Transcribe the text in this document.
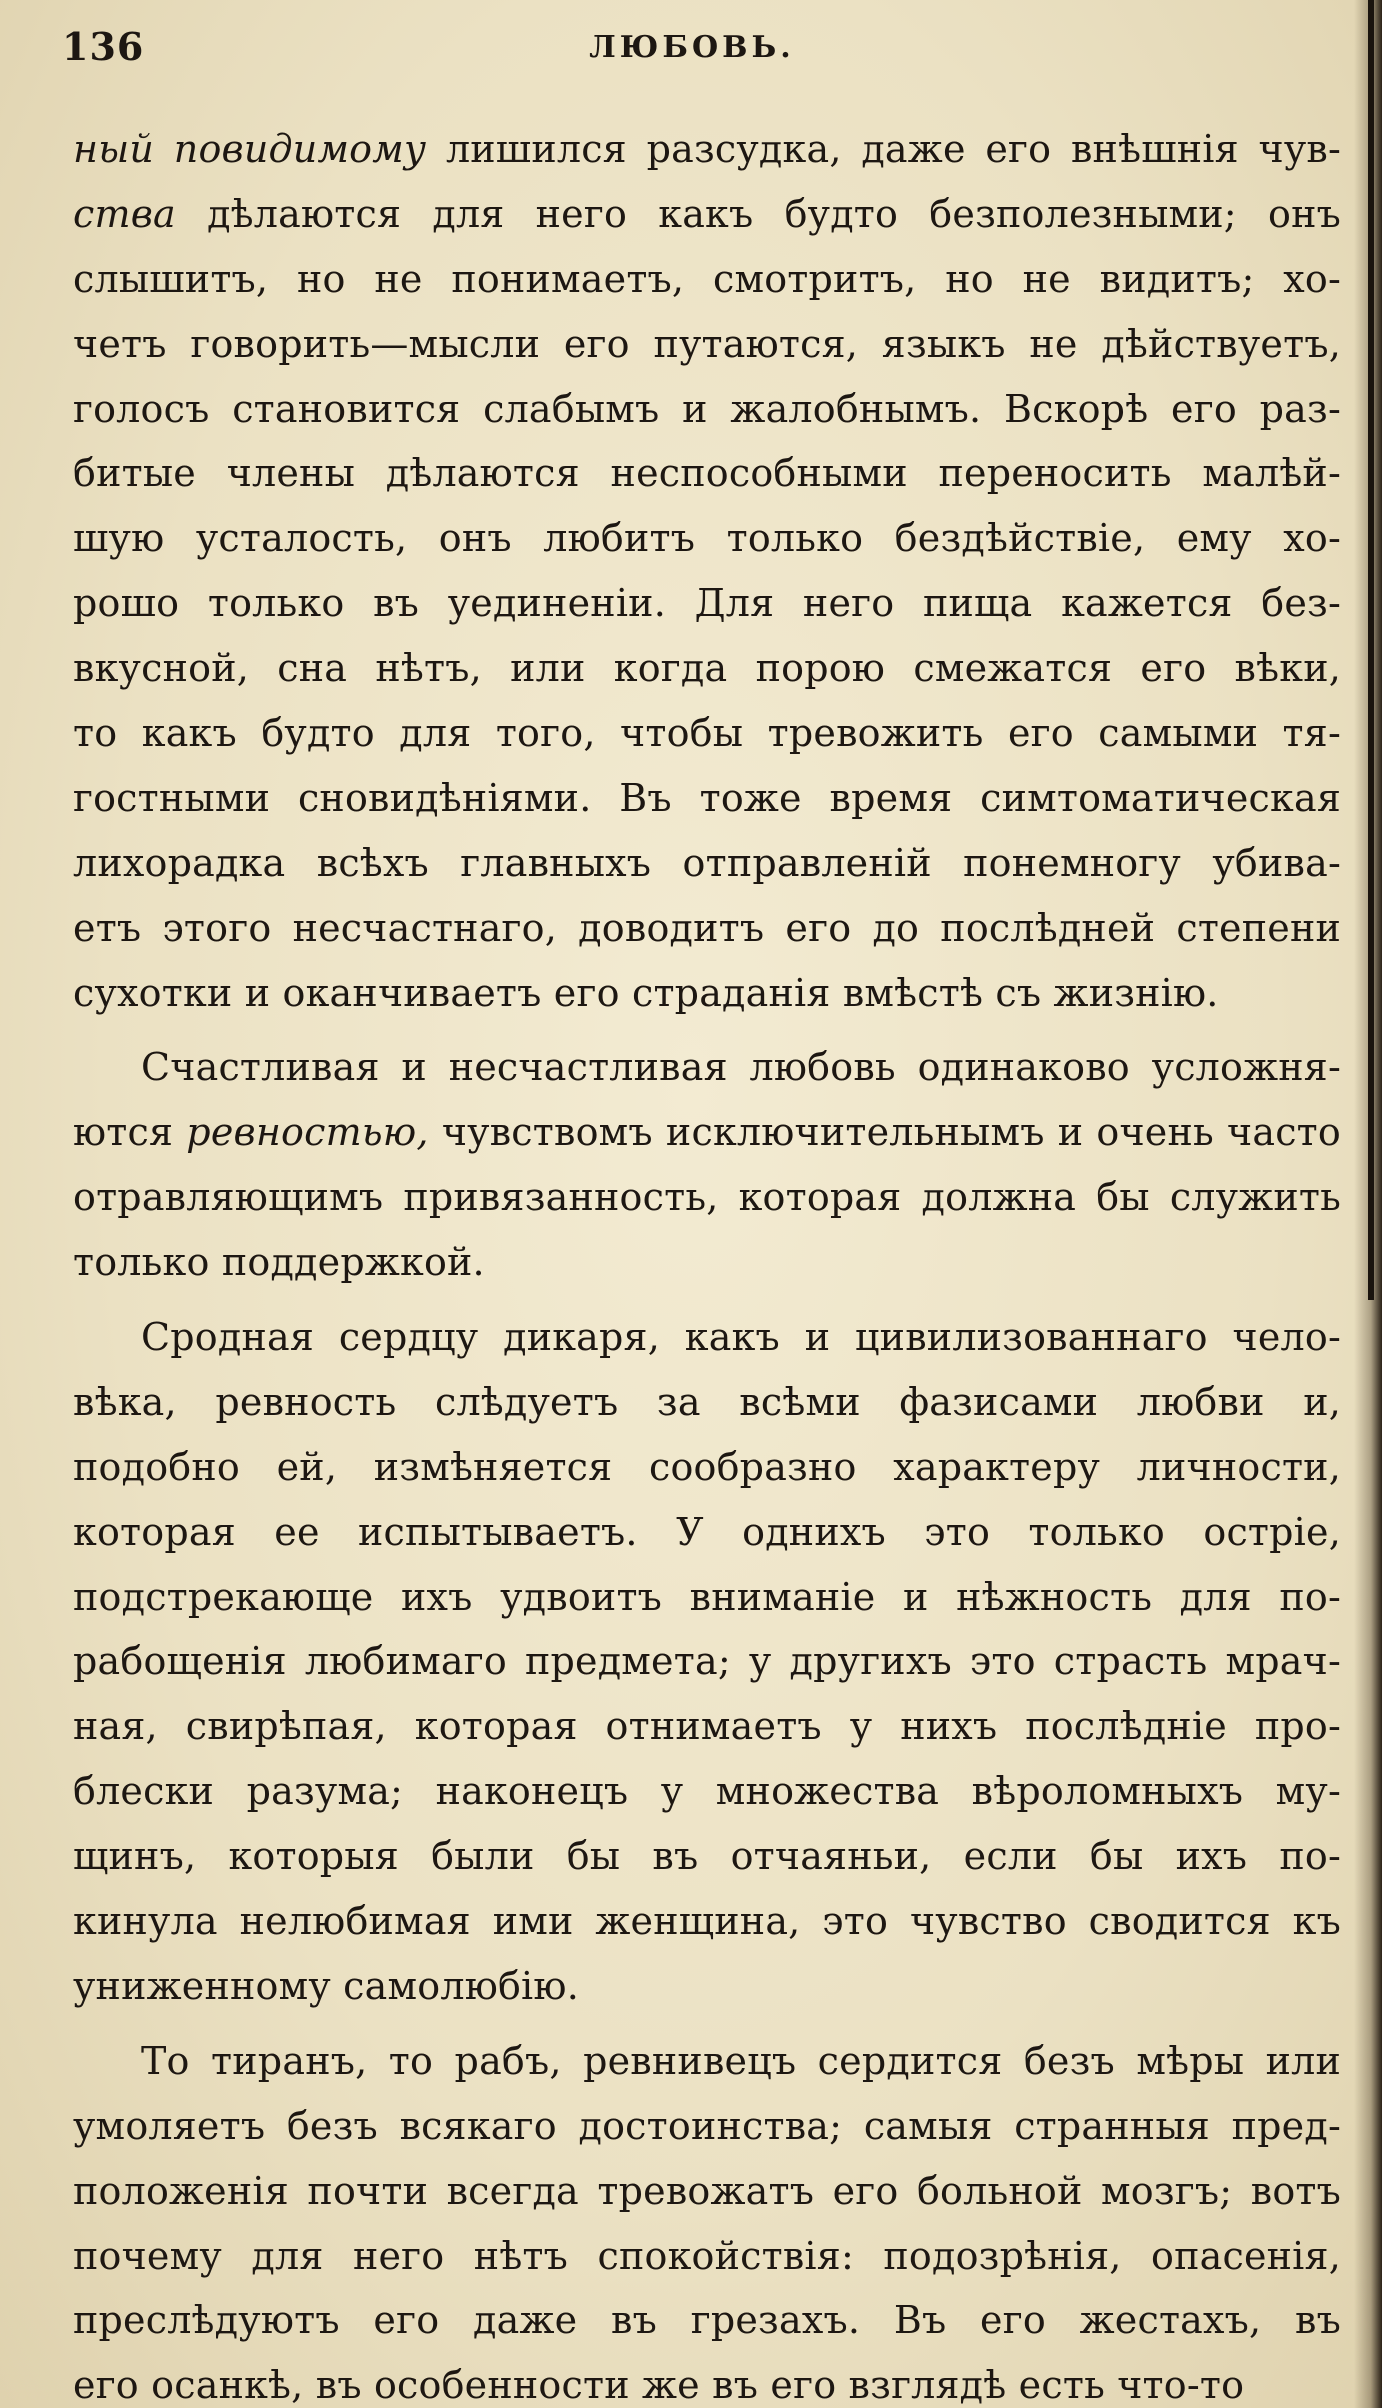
136	ЛЮБОВЬ.
ный повидимому лишился разсудка, даже его внѣшнія чув-
ства дѣлаются для него какъ будто безполезными; онъ
слышитъ, но не понимаетъ, смотритъ, но не видитъ; хо-
четъ говорить—мысли его путаются, языкъ не дѣйствуетъ,
голосъ становится слабымъ и жалобнымъ. Вскорѣ его раз-
битые члены дѣлаются неспособными переносить малѣй-
шую усталость, онъ любитъ только бездѣйствіе, ему хо-
рошо только въ уединеніи. Для него пища кажется без-
вкусной, сна нѣтъ, или когда порою смежатся его вѣки,
то какъ будто для того, чтобы тревожить его самыми тя-
гостными сновидѣніями. Въ тоже время симтоматическая
лихорадка всѣхъ главныхъ отправленій понемногу убива-
етъ этого несчастнаго, доводитъ его до послѣдней степени
сухотки и оканчиваетъ его страданія вмѣстѣ съ жизнію.
Счастливая и несчастливая любовь одинаково усложня-
ются ревностью, чувствомъ исключительнымъ и очень часто
отравляющимъ привязанность, которая должна бы служить
только поддержкой.
Сродная сердцу дикаря, какъ и цивилизованнаго чело-
вѣка, ревность слѣдуетъ за всѣми фазисами любви и,
подобно ей, измѣняется сообразно характеру личности,
которая ее испытываетъ. У однихъ это только остріе,
подстрекающе ихъ удвоитъ вниманіе и нѣжность для по-
рабощенія любимаго предмета; у другихъ это страсть мрач-
ная, свирѣпая, которая отнимаетъ у нихъ послѣдніе про-
блески разума; наконецъ у множества вѣроломныхъ му-
щинъ, которыя были бы въ отчаяньи, если бы ихъ по-
кинула нелюбимая ими женщина, это чувство сводится къ
униженному самолюбію.
То тиранъ, то рабъ, ревнивецъ сердится безъ мѣры или
умоляетъ безъ всякаго достоинства; самыя странныя пред-
положенія почти всегда тревожатъ его больной мозгъ; вотъ
почему для него нѣтъ спокойствія: подозрѣнія, опасенія,
преслѣдуютъ его даже въ грезахъ. Въ его жестахъ, въ
его осанкѣ, въ особенности же въ его взглядѣ есть что-то
